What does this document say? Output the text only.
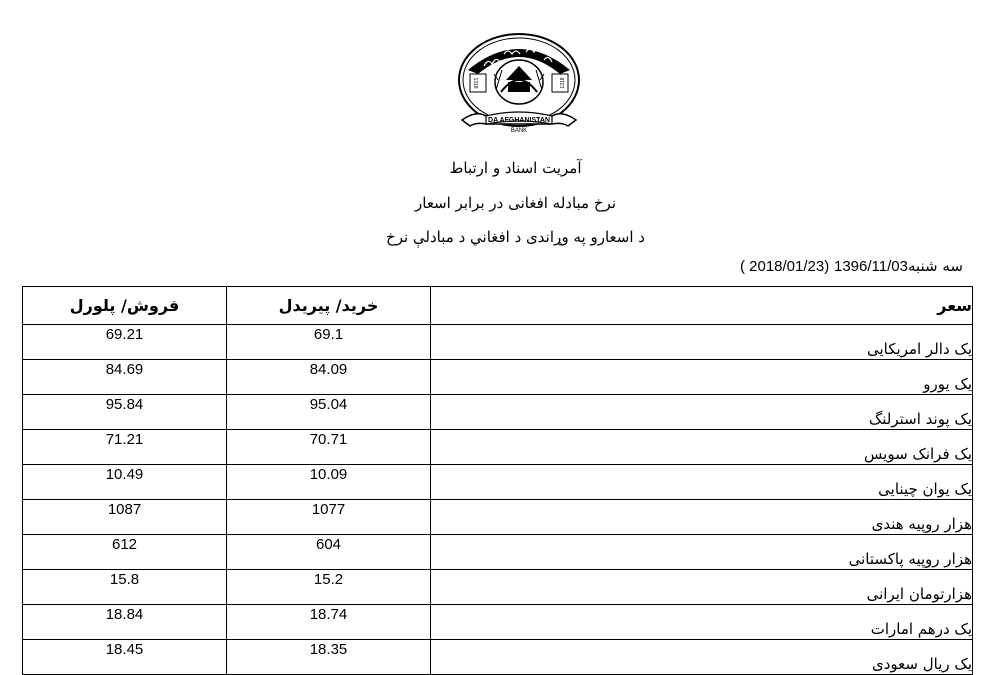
1318	1318
DA AFGHANISTAN
BANK
آمریت اسناد و ارتباط
نرخ مبادله افغانی در برابر اسعار
د اسعارو په وړاندی د افغاني د مبادلې نرخ
سه شنبه1396/11/03 ( 2018/01/23)
سعر	خرید/ پیریدل	فروش/ پلورل
یک دالر امریکایی	69.1	69.21
یک یورو	84.09	84.69
یک پوند استرلنگ	95.04	95.84
یک فرانک سویس	70.71	71.21
یک یوان چینایی	10.09	10.49
هزار روپیه هندی	1077	1087
هزار روپیه پاکستانی	604	612
هزارتومان ایرانی	15.2	15.8
یک درهم امارات	18.74	18.84
یک ریال سعودی	18.35	18.45
